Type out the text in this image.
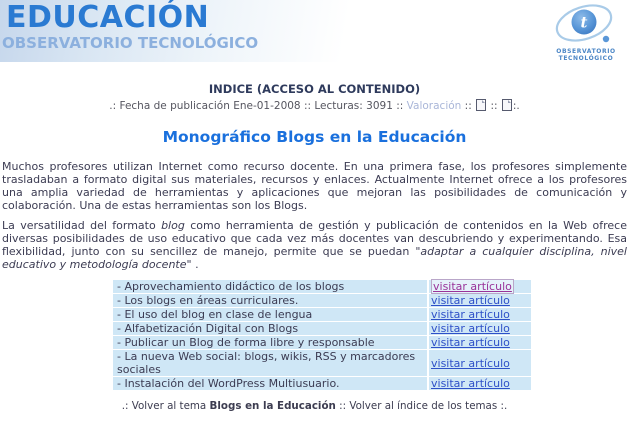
EDUCACIÓN
OBSERVATORIO TECNOLÓGICO
t
OBSERVATORIO
TECNOLÓGICO
INDICE (ACCESO AL CONTENIDO)
.: Fecha de publicación Ene-01-2008 :: Lecturas: 3091 :: Valoración :: :: :.
Monográfico Blogs en la Educación

Muchos profesores utilizan Internet como recurso docente. En una primera fase, los profesores simplemente trasladaban a formato digital sus materiales, recursos y enlaces. Actualmente Internet ofrece a los profesores una amplia variedad de herramientas y aplicaciones que mejoran las posibilidades de comunicación y colaboración. Una de estas herramientas son los Blogs.

La versatilidad del formato blog como herramienta de gestión y publicación de contenidos en la Web ofrece diversas posibilidades de uso educativo que cada vez más docentes van descubriendo y experimentando. Esa flexibilidad, junto con su sencillez de manejo, permite que se puedan "adaptar a cualquier disciplina, nivel educativo y metodología docente" .

- Aprovechamiento didáctico de los blogs	visitar artículo
- Los blogs en áreas curriculares.	visitar artículo
- El uso del blog en clase de lengua	visitar artículo
- Alfabetización Digital con Blogs	visitar artículo
- Publicar un Blog de forma libre y responsable	visitar artículo
- La nueva Web social: blogs, wikis, RSS y marcadores sociales	visitar artículo
- Instalación del WordPress Multiusuario.	visitar artículo
.: Volver al tema Blogs en la Educación :: Volver al índice de los temas :.
